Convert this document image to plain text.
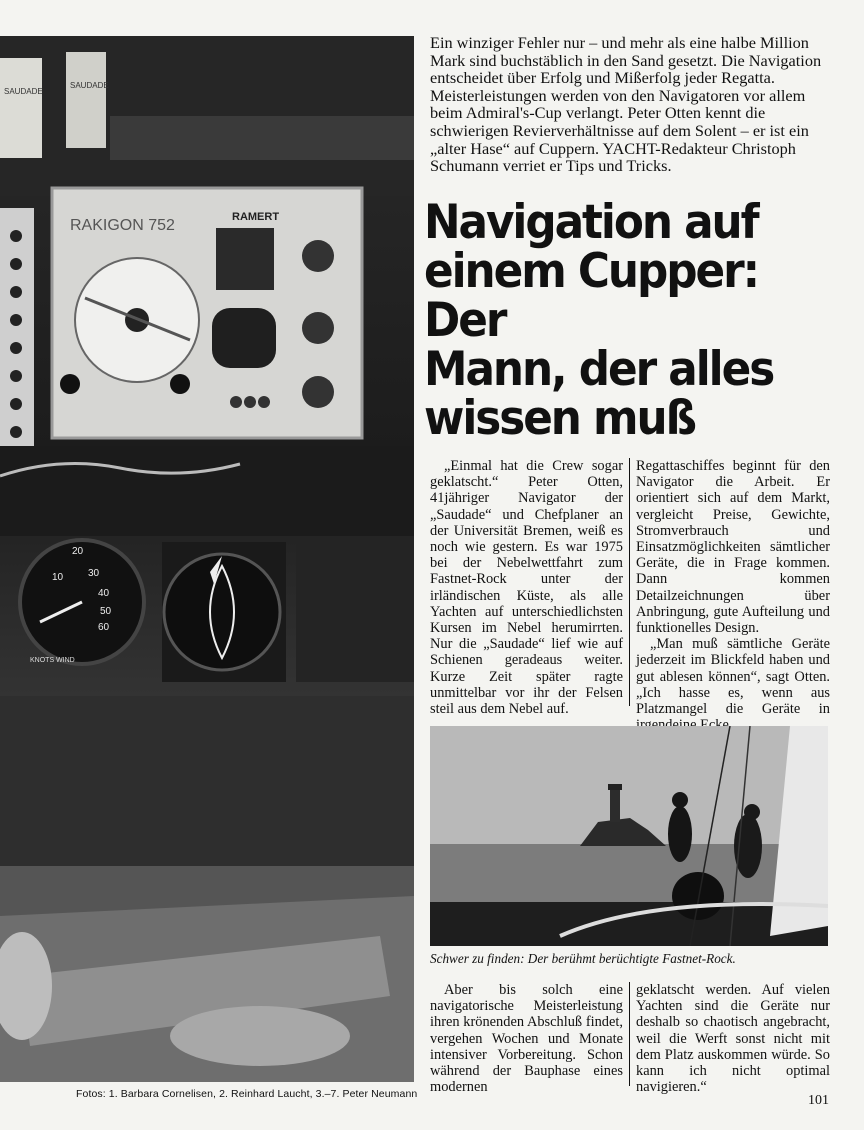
SAUDADE
SAUDADE
RAKIGON 752	RAMERT
KNOTS WIND
10
20
30
40
50
60
Fotos: 1. Barbara Cornelisen, 2. Reinhard Laucht, 3.–7. Peter Neumann
Ein winziger Fehler nur – und mehr als eine halbe Million Mark sind buchstäblich in den Sand gesetzt. Die Navigation entscheidet über Erfolg und Mißerfolg jeder Regatta. Meisterleistungen werden von den Navigatoren vor allem beim Admiral's-Cup verlangt. Peter Otten kennt die schwierigen Revierverhältnisse auf dem Solent – er ist ein „alter Hase“ auf Cuppern. YACHT-Redakteur Christoph Schumann verriet er Tips und Tricks.
Navigation auf
einem Cupper: Der
Mann, der alles
wissen muß

„Einmal hat die Crew sogar geklatscht.“ Peter Otten, 41jähriger Navigator der „Saudade“ und Chefplaner an der Universität Bremen, weiß es noch wie gestern. Es war 1975 bei der Nebelwettfahrt zum Fastnet-Rock unter der irländischen Küste, als alle Yachten auf unterschiedlichsten Kursen im Nebel herumirrten. Nur die „Saudade“ lief wie auf Schienen geradeaus weiter. Kurze Zeit später ragte unmittelbar vor ihr der Felsen steil aus dem Nebel auf.

Regattaschiffes beginnt für den Navigator die Arbeit. Er orientiert sich auf dem Markt, vergleicht Preise, Gewichte, Stromverbrauch und Einsatzmöglichkeiten sämtlicher Geräte, die in Frage kommen. Dann kommen Detailzeichnungen über Anbringung, gute Aufteilung und funktionelles Design.

„Man muß sämtliche Geräte jederzeit im Blickfeld haben und gut ablesen können“, sagt Otten. „Ich hasse es, wenn aus Platzmangel die Geräte in

Schwer zu finden: Der berühmt berüchtigte Fastnet-Rock.

Aber bis solch eine navigatorische Meisterleistung ihren krönenden Abschluß findet, vergehen Wochen und Monate intensiver Vorbereitung. Schon während der Bauphase eines modernen

geklatscht werden. Auf vielen Yachten sind die Geräte nur deshalb so chaotisch angebracht, weil die Werft sonst nicht mit dem Platz auskommen würde. So kann ich nicht optimal navigieren.“

101
